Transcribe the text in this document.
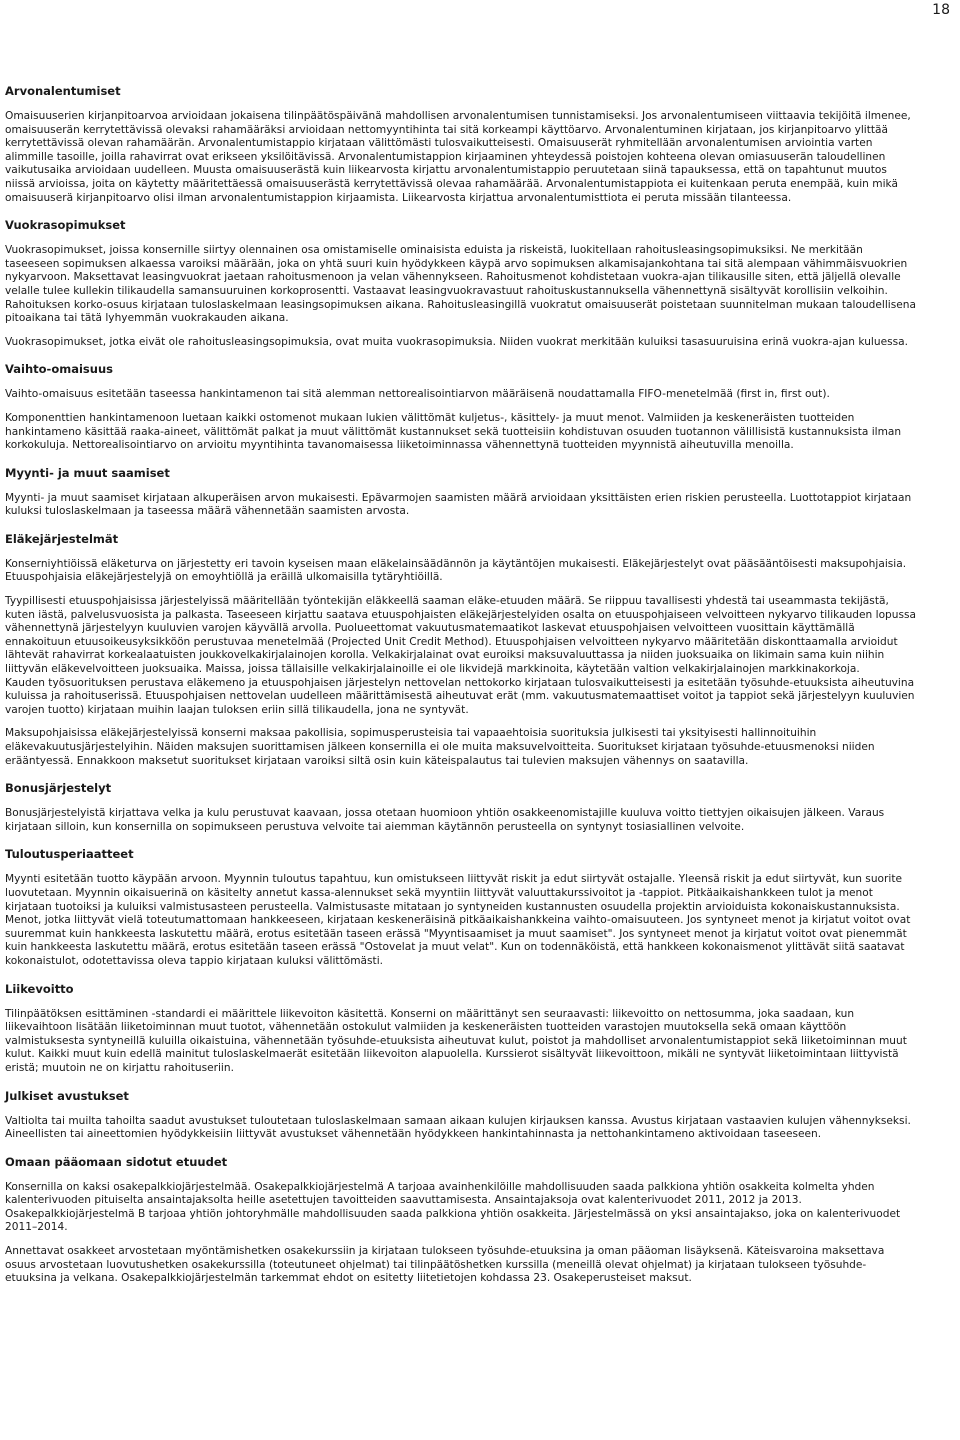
18
Arvonalentumiset

Omaisuuserien kirjanpitoarvoa arvioidaan jokaisena tilinpäätöspäivänä mahdollisen arvonalentumisen tunnistamiseksi. Jos arvonalentumiseen viittaavia tekijöitä ilmenee, omaisuuserän kerrytettävissä olevaksi rahamääräksi arvioidaan nettomyyntihinta tai sitä korkeampi käyttöarvo. Arvonalentuminen kirjataan, jos kirjanpitoarvo ylittää kerrytettävissä olevan rahamäärän. Arvonalentumistappio kirjataan välittömästi tulosvaikutteisesti. Omaisuuserät ryhmitellään arvonalentumisen arviointia varten alimmille tasoille, joilla rahavirrat ovat erikseen yksilöitävissä. Arvonalentumistappion kirjaaminen yhteydessä poistojen kohteena olevan omiasuuserän taloudellinen vaikutusaika arvioidaan uudelleen. Muusta omaisuuserästä kuin liikearvosta kirjattu arvonalentumistappio peruutetaan siinä tapauksessa, että on tapahtunut muutos niissä arvioissa, joita on käytetty määritettäessä omaisuuserästä kerrytettävissä olevaa rahamäärää. Arvonalentumistappiota ei kuitenkaan peruta enempää, kuin mikä omaisuuserä kirjanpitoarvo olisi ilman arvonalentumistappion kirjaamista. Liikearvosta kirjattua arvonalentumisttiota ei peruta missään tilanteessa.

Vuokrasopimukset

Vuokrasopimukset, joissa konsernille siirtyy olennainen osa omistamiselle ominaisista eduista ja riskeistä, luokitellaan rahoitusleasingsopimuksiksi. Ne merkitään taseeseen sopimuksen alkaessa varoiksi määrään, joka on yhtä suuri kuin hyödykkeen käypä arvo sopimuksen alkamisajankohtana tai sitä alempaan vähimmäisvuokrien nykyarvoon. Maksettavat leasingvuokrat jaetaan rahoitusmenoon ja velan vähennykseen. Rahoitusmenot kohdistetaan vuokra-ajan tilikausille siten, että jäljellä olevalle velalle tulee kullekin tilikaudella samansuuruinen korkoprosentti. Vastaavat leasingvuokravastuut rahoituskustannuksella vähennettynä sisältyvät korollisiin velkoihin. Rahoituksen korko-osuus kirjataan tuloslaskelmaan leasingsopimuksen aikana. Rahoitusleasingillä vuokratut omaisuuserät poistetaan suunnitelman mukaan taloudellisena pitoaikana tai tätä lyhyemmän vuokrakauden aikana.

Vuokrasopimukset, jotka eivät ole rahoitusleasingsopimuksia, ovat muita vuokrasopimuksia. Niiden vuokrat merkitään kuluiksi tasasuuruisina erinä vuokra-ajan kuluessa.

Vaihto-omaisuus

Vaihto-omaisuus esitetään taseessa hankintamenon tai sitä alemman nettorealisointiarvon määräisenä noudattamalla FIFO-menetelmää (first in, first out).

Komponenttien hankintamenoon luetaan kaikki ostomenot mukaan lukien välittömät kuljetus-, käsittely- ja muut menot. Valmiiden ja keskeneräisten tuotteiden hankintameno käsittää raaka-aineet, välittömät palkat ja muut välittömät kustannukset sekä tuotteisiin kohdistuvan osuuden tuotannon välillisistä kustannuksista ilman korkokuluja. Nettorealisointiarvo on arvioitu myyntihinta tavanomaisessa liiketoiminnassa vähennettynä tuotteiden myynnistä aiheutuvilla menoilla.

Myynti- ja muut saamiset

Myynti- ja muut saamiset kirjataan alkuperäisen arvon mukaisesti. Epävarmojen saamisten määrä arvioidaan yksittäisten erien riskien perusteella. Luottotappiot kirjataan kuluksi tuloslaskelmaan ja taseessa määrä vähennetään saamisten arvosta.

Eläkejärjestelmät

Konserniyhtiöissä eläketurva on järjestetty eri tavoin kyseisen maan eläkelainsäädännön ja käytäntöjen mukaisesti. Eläkejärjestelyt ovat pääsääntöisesti maksupohjaisia. Etuuspohjaisia eläkejärjestelyjä on emoyhtiöllä ja eräillä ulkomaisilla tytäryhtiöillä.

Tyypillisesti etuuspohjaisissa järjestelyissä määritellään työntekijän eläkkeellä saaman eläke-etuuden määrä. Se riippuu tavallisesti yhdestä tai useammasta tekijästä, kuten iästä, palvelusvuosista ja palkasta. Taseeseen kirjattu saatava etuuspohjaisten eläkejärjestelyiden osalta on etuuspohjaiseen velvoitteen nykyarvo tilikauden lopussa vähennettynä järjestelyyn kuuluvien varojen käyvällä arvolla. Puolueettomat vakuutusmatemaatikot laskevat etuuspohjaisen velvoitteen vuosittain käyttämällä ennakoituun etuusoikeusyksikköön perustuvaa menetelmää (Projected Unit Credit Method). Etuuspohjaisen velvoitteen nykyarvo määritetään diskonttaamalla arvioidut lähtevät rahavirrat korkealaatuisten joukkovelkakirjalainojen korolla. Velkakirjalainat ovat euroiksi maksuvaluuttassa ja niiden juoksuaika on likimain sama kuin niihin liittyvän eläkevelvoitteen juoksuaika. Maissa, joissa tällaisille velkakirjalainoille ei ole likvidejä markkinoita, käytetään valtion velkakirjalainojen markkinakorkoja.

Kauden työsuorituksen perustava eläkemeno ja etuuspohjaisen järjestelyn nettovelan nettokorko kirjataan tulosvaikutteisesti ja esitetään työsuhde-etuuksista aiheutuvina kuluissa ja rahoituserissä. Etuuspohjaisen nettovelan uudelleen määrittämisestä aiheutuvat erät (mm. vakuutusmatemaattiset voitot ja tappiot sekä järjestelyyn kuuluvien varojen tuotto) kirjataan muihin laajan tuloksen eriin sillä tilikaudella, jona ne syntyvät.

Maksupohjaisissa eläkejärjestelyissä konserni maksaa pakollisia, sopimusperusteisia tai vapaaehtoisia suorituksia julkisesti tai yksityisesti hallinnoituihin eläkevakuutusjärjestelyihin. Näiden maksujen suorittamisen jälkeen konsernilla ei ole muita maksuvelvoitteita. Suoritukset kirjataan työsuhde-etuusmenoksi niiden erääntyessä. Ennakkoon maksetut suoritukset kirjataan varoiksi siltä osin kuin käteispalautus tai tulevien maksujen vähennys on saatavilla.

Bonusjärjestelyt

Bonusjärjestelyistä kirjattava velka ja kulu perustuvat kaavaan, jossa otetaan huomioon yhtiön osakkeenomistajille kuuluva voitto tiettyjen oikaisujen jälkeen. Varaus kirjataan silloin, kun konsernilla on sopimukseen perustuva velvoite tai aiemman käytännön perusteella on syntynyt tosiasiallinen velvoite.

Tuloutusperiaatteet

Myynti esitetään tuotto käypään arvoon. Myynnin tuloutus tapahtuu, kun omistukseen liittyvät riskit ja edut siirtyvät ostajalle. Yleensä riskit ja edut siirtyvät, kun suorite luovutetaan. Myynnin oikaisuerinä on käsitelty annetut kassa-alennukset sekä myyntiin liittyvät valuuttakurssivoitot ja -tappiot. Pitkäaikaishankkeen tulot ja menot kirjataan tuotoiksi ja kuluiksi valmistusasteen perusteella. Valmistusaste mitataan jo syntyneiden kustannusten osuudella projektin arvioiduista kokonaiskustannuksista. Menot, jotka liittyvät vielä toteutumattomaan hankkeeseen, kirjataan keskeneräisinä pitkäaikaishankkeina vaihto-omaisuuteen. Jos syntyneet menot ja kirjatut voitot ovat suuremmat kuin hankkeesta laskutettu määrä, erotus esitetään taseen erässä "Myyntisaamiset ja muut saamiset". Jos syntyneet menot ja kirjatut voitot ovat pienemmät kuin hankkeesta laskutettu määrä, erotus esitetään taseen erässä "Ostovelat ja muut velat". Kun on todennäköistä, että hankkeen kokonaismenot ylittävät siitä saatavat kokonaistulot, odotettavissa oleva tappio kirjataan kuluksi välittömästi.

Liikevoitto

Tilinpäätöksen esittäminen -standardi ei määrittele liikevoiton käsitettä. Konserni on määrittänyt sen seuraavasti: liikevoitto on nettosumma, joka saadaan, kun liikevaihtoon lisätään liiketoiminnan muut tuotot, vähennetään ostokulut valmiiden ja keskeneräisten tuotteiden varastojen muutoksella sekä omaan käyttöön valmistuksesta syntyneillä kuluilla oikaistuina, vähennetään työsuhde-etuuksista aiheutuvat kulut, poistot ja mahdolliset arvonalentumistappiot sekä liiketoiminnan muut kulut. Kaikki muut kuin edellä mainitut tuloslaskelmaerät esitetään liikevoiton alapuolella. Kurssierot sisältyvät liikevoittoon, mikäli ne syntyvät liiketoimintaan liittyvistä eristä; muutoin ne on kirjattu rahoituseriin.

Julkiset avustukset

Valtiolta tai muilta tahoilta saadut avustukset tuloutetaan tuloslaskelmaan samaan aikaan kulujen kirjauksen kanssa. Avustus kirjataan vastaavien kulujen vähennykseksi. Aineellisten tai aineettomien hyödykkeisiin liittyvät avustukset vähennetään hyödykkeen hankintahinnasta ja nettohankintameno aktivoidaan taseeseen.

Omaan pääomaan sidotut etuudet

Konsernilla on kaksi osakepalkkiojärjestelmää. Osakepalkkiojärjestelmä A tarjoaa avainhenkilöille mahdollisuuden saada palkkiona yhtiön osakkeita kolmelta yhden kalenterivuoden pituiselta ansaintajaksolta heille asetettujen tavoitteiden saavuttamisesta. Ansaintajaksoja ovat kalenterivuodet 2011, 2012 ja 2013. Osakepalkkiojärjestelmä B tarjoaa yhtiön johtoryhmälle mahdollisuuden saada palkkiona yhtiön osakkeita. Järjestelmässä on yksi ansaintajakso, joka on kalenterivuodet 2011–2014.

Annettavat osakkeet arvostetaan myöntämishetken osakekurssiin ja kirjataan tulokseen työsuhde-etuuksina ja oman pääoman lisäyksenä. Käteisvaroina maksettava osuus arvostetaan luovutushetken osakekurssilla (toteutuneet ohjelmat) tai tilinpäätöshetken kurssilla (meneillä olevat ohjelmat) ja kirjataan tulokseen työsuhde-etuuksina ja velkana. Osakepalkkiojärjestelmän tarkemmat ehdot on esitetty liitetietojen kohdassa 23. Osakeperusteiset maksut.
